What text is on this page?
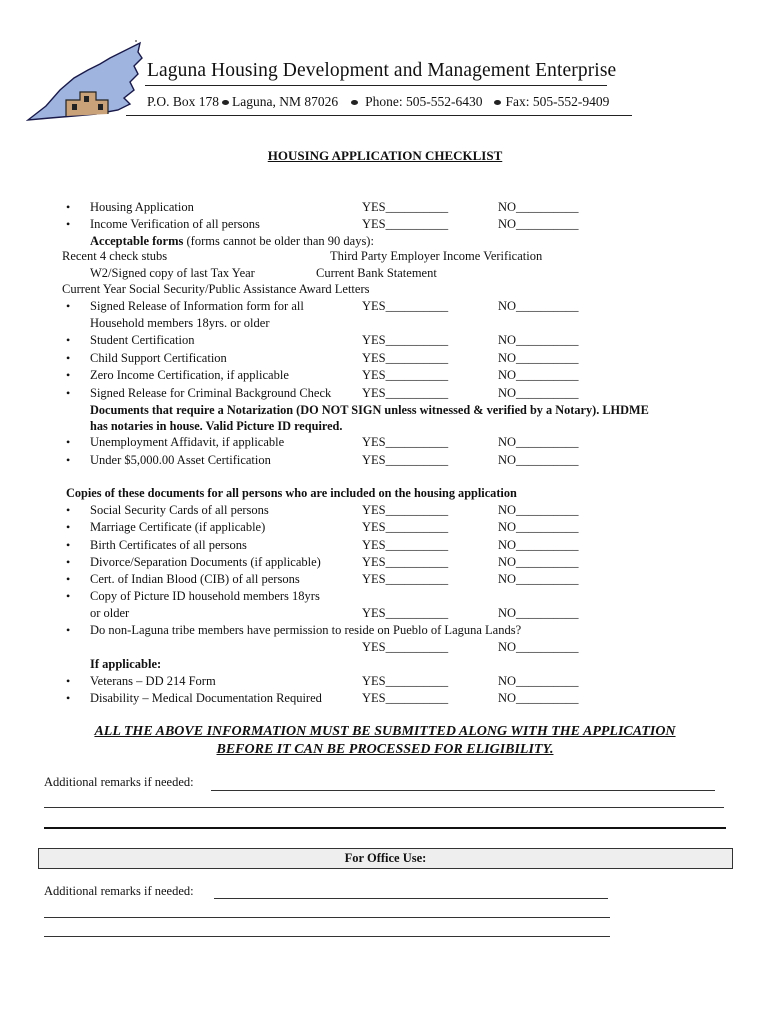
Laguna Housing Development and Management Enterprise
P.O. Box 178 Laguna, NM 87026 Phone: 505-552-6430 Fax: 505-552-9409
HOUSING APPLICATION CHECKLIST
• Housing Application	YES__________	NO__________
• Income Verification of all persons	YES__________	NO__________
Acceptable forms (forms cannot be older than 90 days):
Recent 4 check stubs	Third Party Employer Income Verification
W2/Signed copy of last Tax Year	Current Bank Statement
Current Year Social Security/Public Assistance Award Letters
• Signed Release of Information form for all	YES__________	NO__________
Household members 18yrs. or older
• Student Certification	YES__________	NO__________
• Child Support Certification	YES__________	NO__________
• Zero Income Certification, if applicable	YES__________	NO__________
• Signed Release for Criminal Background Check YES__________	NO__________
Documents that require a Notarization (DO NOT SIGN unless witnessed & verified by a Notary). LHDME
has notaries in house. Valid Picture ID required.
• Unemployment Affidavit, if applicable	YES__________	NO__________
• Under $5,000.00 Asset Certification	YES__________	NO__________
Copies of these documents for all persons who are included on the housing application
• Social Security Cards of all persons	YES__________	NO__________
• Marriage Certificate (if applicable)	YES__________	NO__________
• Birth Certificates of all persons	YES__________	NO__________
• Divorce/Separation Documents (if applicable)	YES__________	NO__________
• Cert. of Indian Blood (CIB) of all persons	YES__________	NO__________
• Copy of Picture ID household members 18yrs
or older	YES__________	NO__________
• Do non-Laguna tribe members have permission to reside on Pueblo of Laguna Lands?
YES__________	NO__________
If applicable:
• Veterans – DD 214 Form	YES__________	NO__________
• Disability – Medical Documentation Required	YES__________	NO__________
ALL THE ABOVE INFORMATION MUST BE SUBMITTED ALONG WITH THE APPLICATION
BEFORE IT CAN BE PROCESSED FOR ELIGIBILITY.
Additional remarks if needed:
For Office Use:
Additional remarks if needed:
